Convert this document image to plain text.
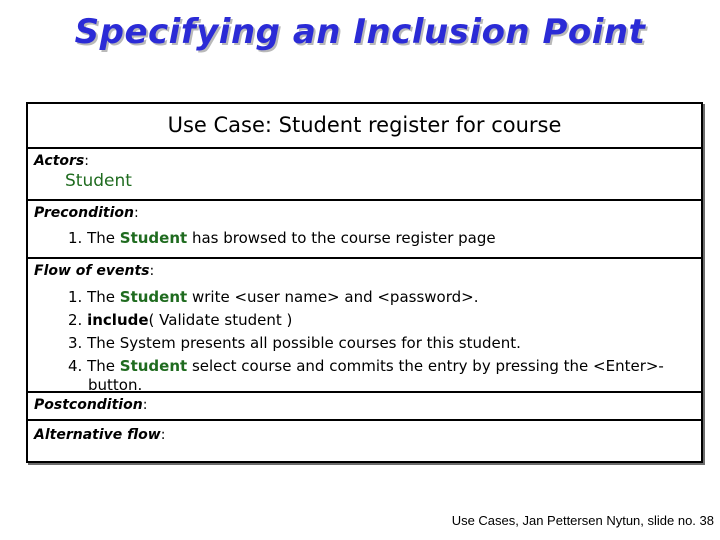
Specifying an Inclusion Point
Use Case: Student register for course
Actors:
Student
Precondition:
1. The Student has browsed to the course register page
Flow of events:
1. The Student write <user name> and <password>.
2. include( Validate student )
3. The System presents all possible courses for this student.
4. The Student select course and commits the entry by pressing the <Enter>-
button.
Postcondition:
Alternative flow:
Use Cases, Jan Pettersen Nytun, slide no. 38
